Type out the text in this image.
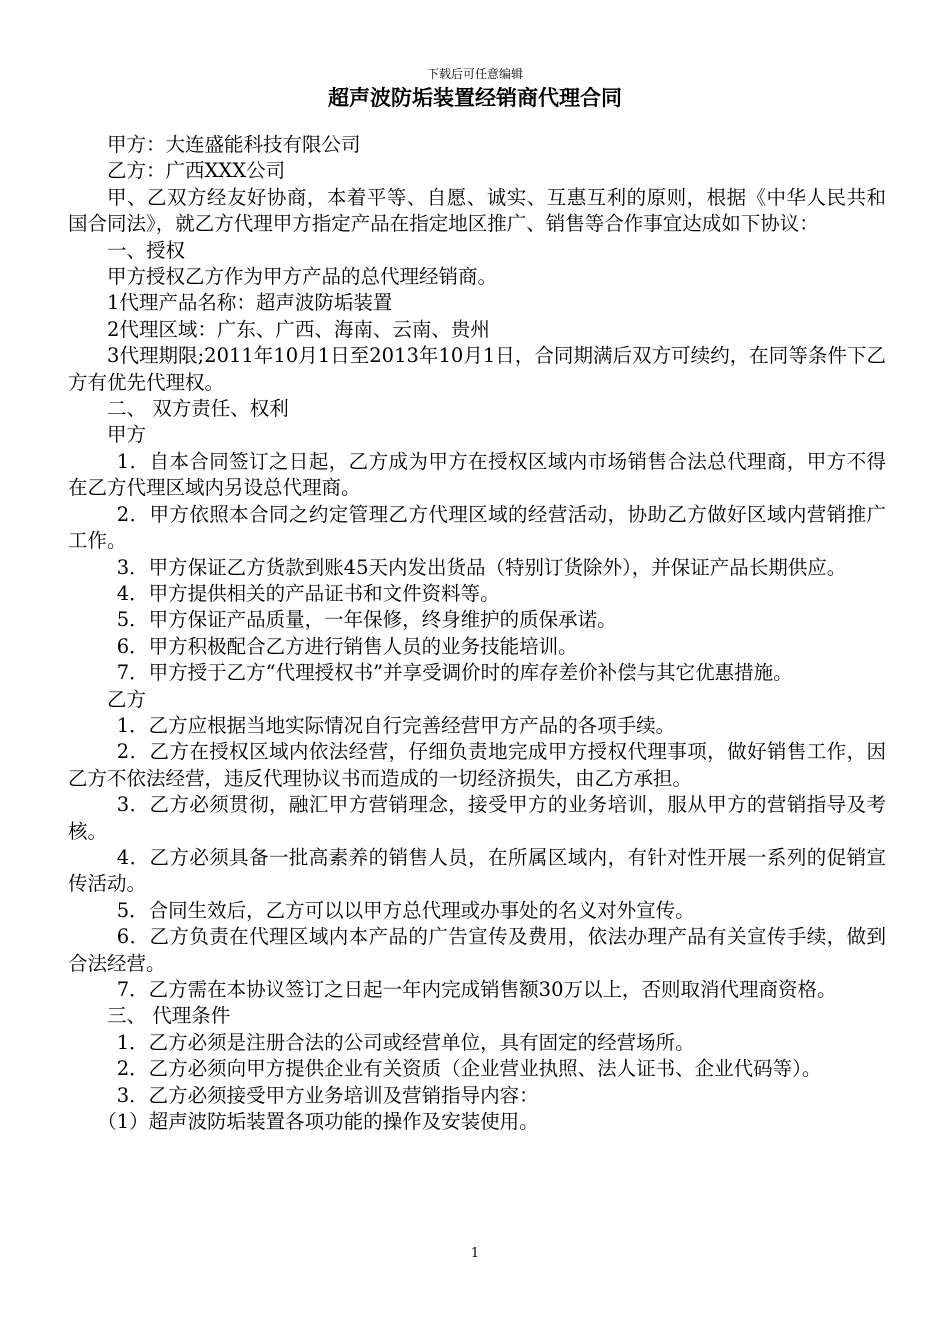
下载后可任意编辑
超声波防垢装置经销商代理合同

甲方：大连盛能科技有限公司

乙方：广西XXX公司

甲、乙双方经友好协商，本着平等、自愿、诚实、互惠互利的原则，根据《中华人民共和国合同法》，就乙方代理甲方指定产品在指定地区推广、销售等合作事宜达成如下协议：

一、授权

甲方授权乙方作为甲方产品的总代理经销商。

1代理产品名称：超声波防垢装置

2代理区域：广东、广西、海南、云南、贵州

3代理期限;2011年10月1日至2013年10月1日，合同期满后双方可续约，在同等条件下乙方有优先代理权。

二、 双方责任、权利

甲方

1．自本合同签订之日起，乙方成为甲方在授权区域内市场销售合法总代理商，甲方不得在乙方代理区域内另设总代理商。

2．甲方依照本合同之约定管理乙方代理区域的经营活动，协助乙方做好区域内营销推广工作。

3．甲方保证乙方货款到账45天内发出货品（特别订货除外），并保证产品长期供应。

4．甲方提供相关的产品证书和文件资料等。

5．甲方保证产品质量，一年保修，终身维护的质保承诺。

6．甲方积极配合乙方进行销售人员的业务技能培训。

7．甲方授于乙方“代理授权书”并享受调价时的库存差价补偿与其它优惠措施。

乙方

1．乙方应根据当地实际情况自行完善经营甲方产品的各项手续。

2．乙方在授权区域内依法经营，仔细负责地完成甲方授权代理事项，做好销售工作，因乙方不依法经营，违反代理协议书而造成的一切经济损失，由乙方承担。

3．乙方必须贯彻，融汇甲方营销理念，接受甲方的业务培训，服从甲方的营销指导及考核。

4．乙方必须具备一批高素养的销售人员，在所属区域内，有针对性开展一系列的促销宣传活动。

5．合同生效后，乙方可以以甲方总代理或办事处的名义对外宣传。

6．乙方负责在代理区域内本产品的广告宣传及费用，依法办理产品有关宣传手续，做到合法经营。

7．乙方需在本协议签订之日起一年内完成销售额30万以上，否则取消代理商资格。

三、 代理条件

1．乙方必须是注册合法的公司或经营单位，具有固定的经营场所。

2．乙方必须向甲方提供企业有关资质（企业营业执照、法人证书、企业代码等）。

3．乙方必须接受甲方业务培训及营销指导内容：

（1）超声波防垢装置各项功能的操作及安装使用。

1
